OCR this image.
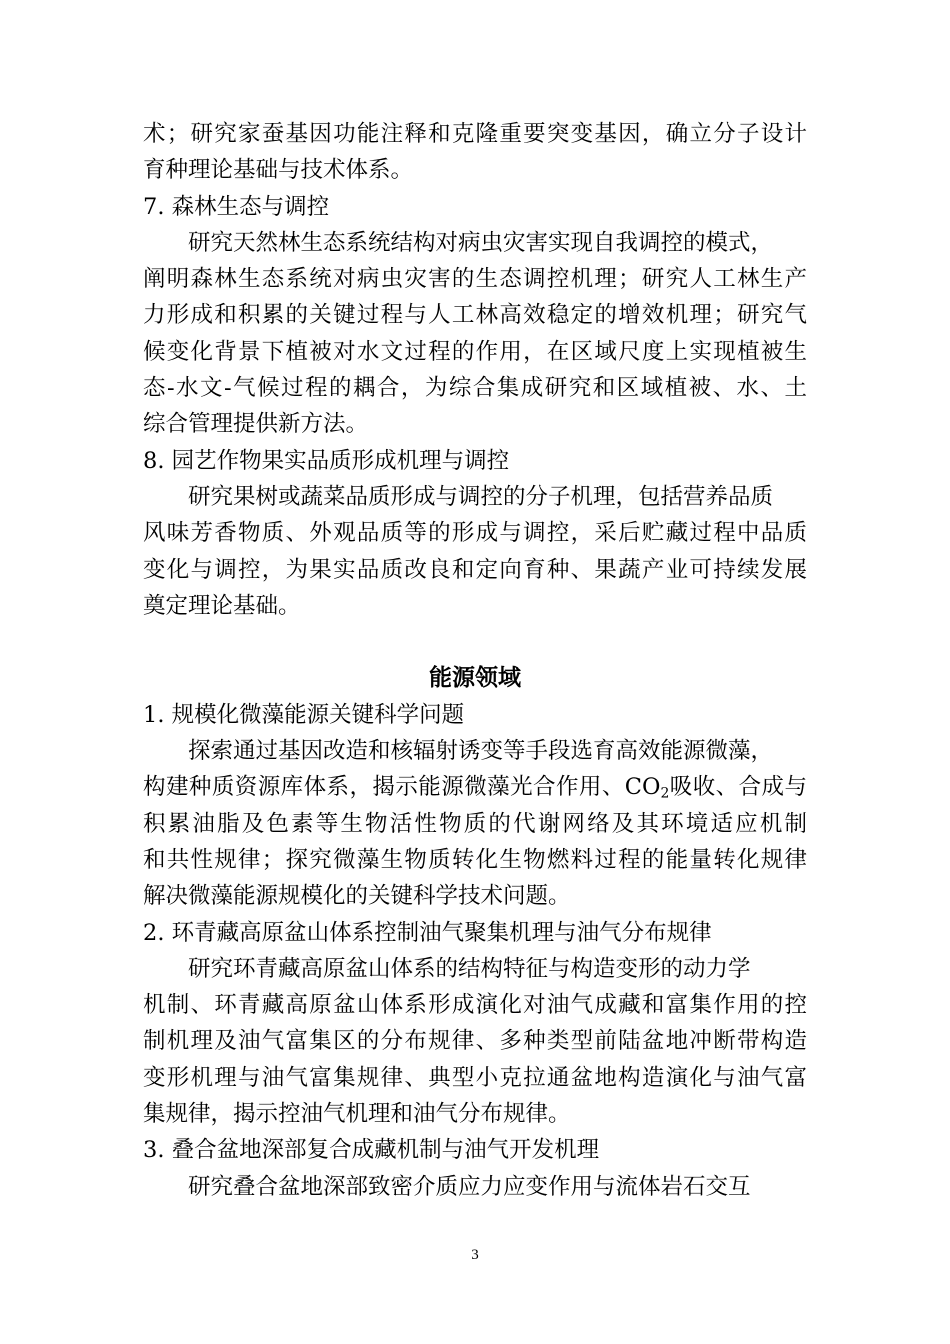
术；研究家蚕基因功能注释和克隆重要突变基因，确立分子设计
育种理论基础与技术体系。
7. 森林生态与调控
研究天然林生态系统结构对病虫灾害实现自我调控的模式，
阐明森林生态系统对病虫灾害的生态调控机理；研究人工林生产
力形成和积累的关键过程与人工林高效稳定的增效机理；研究气
候变化背景下植被对水文过程的作用，在区域尺度上实现植被生
态-水文-气候过程的耦合，为综合集成研究和区域植被、水、土
综合管理提供新方法。
8. 园艺作物果实品质形成机理与调控
研究果树或蔬菜品质形成与调控的分子机理，包括营养品质
风味芳香物质、外观品质等的形成与调控，采后贮藏过程中品质
变化与调控，为果实品质改良和定向育种、果蔬产业可持续发展
奠定理论基础。
能源领域
1. 规模化微藻能源关键科学问题
探索通过基因改造和核辐射诱变等手段选育高效能源微藻，
构建种质资源库体系，揭示能源微藻光合作用、$CO_2$吸收、合成与
积累油脂及色素等生物活性物质的代谢网络及其环境适应机制
和共性规律；探究微藻生物质转化生物燃料过程的能量转化规律
解决微藻能源规模化的关键科学技术问题。
2. 环青藏高原盆山体系控制油气聚集机理与油气分布规律
研究环青藏高原盆山体系的结构特征与构造变形的动力学
机制、环青藏高原盆山体系形成演化对油气成藏和富集作用的控
制机理及油气富集区的分布规律、多种类型前陆盆地冲断带构造
变形机理与油气富集规律、典型小克拉通盆地构造演化与油气富
集规律，揭示控油气机理和油气分布规律。
3. 叠合盆地深部复合成藏机制与油气开发机理
研究叠合盆地深部致密介质应力应变作用与流体岩石交互
3
